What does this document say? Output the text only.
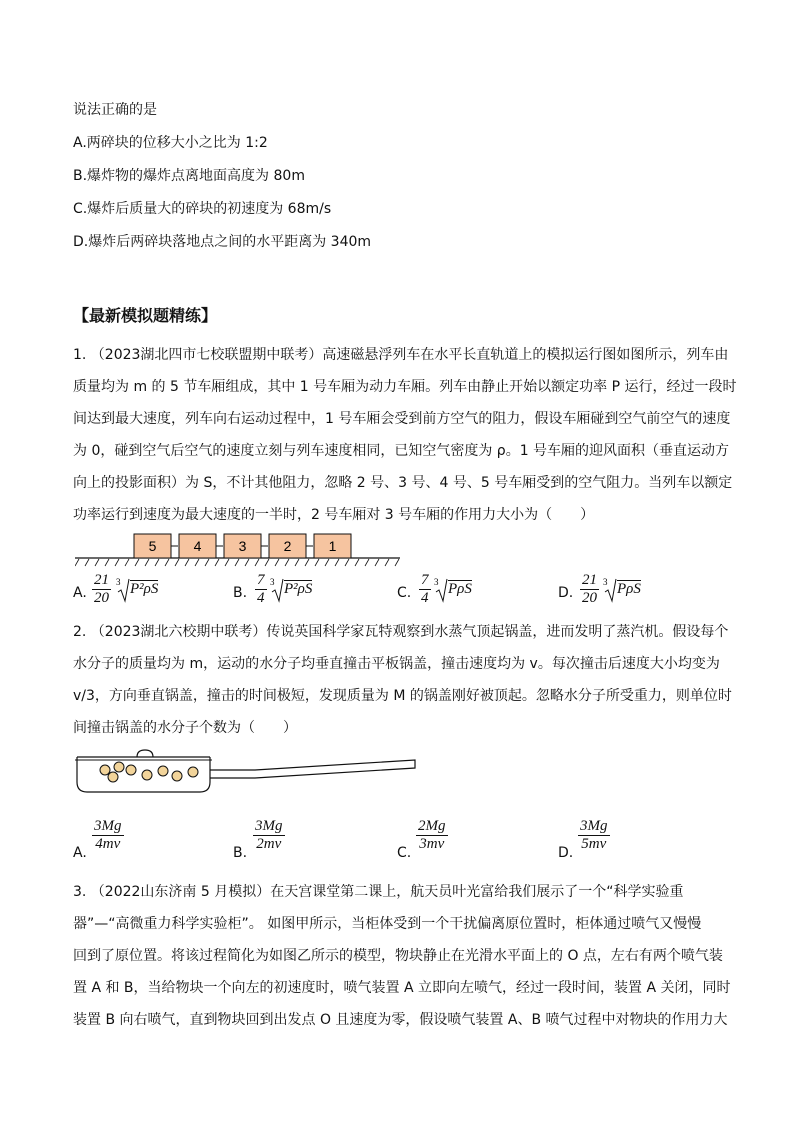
说法正确的是
A.两碎块的位移大小之比为 1:2
B.爆炸物的爆炸点离地面高度为 80m
C.爆炸后质量大的碎块的初速度为 68m/s
D.爆炸后两碎块落地点之间的水平距离为 340m
【最新模拟题精练】
1. （2023湖北四市七校联盟期中联考）高速磁悬浮列车在水平长直轨道上的模拟运行图如图所示，列车由
质量均为 m 的 5 节车厢组成，其中 1 号车厢为动力车厢。列车由静止开始以额定功率 P 运行，经过一段时
间达到最大速度，列车向右运动过程中，1 号车厢会受到前方空气的阻力，假设车厢碰到空气前空气的速度
为 0，碰到空气后空气的速度立刻与列车速度相同，已知空气密度为 ρ。1 号车厢的迎风面积（垂直运动方
向上的投影面积）为 S，不计其他阻力，忽略 2 号、3 号、4 号、5 号车厢受到的空气阻力。当列车以额定
功率运行到速度为最大速度的一半时，2 号车厢对 3 号车厢的作用力大小为（　　）
5	4	3	2	1
A. $\frac{21}{20} 3$ P²ρS	B. $\frac{7}{4} 3$ P²ρS	C. $\frac{7}{4} 3$ PρS	D. $\frac{21}{20} 3$ PρS
2. （2023湖北六校期中联考）传说英国科学家瓦特观察到水蒸气顶起锅盖，进而发明了蒸汽机。假设每个
水分子的质量均为 m，运动的水分子均垂直撞击平板锅盖，撞击速度均为 v。每次撞击后速度大小均变为
v/3，方向垂直锅盖，撞击的时间极短，发现质量为 M 的锅盖刚好被顶起。忽略水分子所受重力，则单位时
间撞击锅盖的水分子个数为（　　）
A. $\frac{3Mg}{4mv}$	B. $\frac{3Mg}{2mv}$	C. $\frac{2Mg}{3mv}$	D. $\frac{3Mg}{5mv}$
3. （2022山东济南 5 月模拟）在天宫课堂第二课上，航天员叶光富给我们展示了一个“科学实验重
器”—“高微重力科学实验柜”。 如图甲所示，当柜体受到一个干扰偏离原位置时，柜体通过喷气又慢慢
回到了原位置。将该过程简化为如图乙所示的模型，物块静止在光滑水平面上的 O 点，左右有两个喷气装
置 A 和 B，当给物块一个向左的初速度时，喷气装置 A 立即向左喷气，经过一段时间，装置 A 关闭，同时
装置 B 向右喷气，直到物块回到出发点 O 且速度为零，假设喷气装置 A、B 喷气过程中对物块的作用力大
